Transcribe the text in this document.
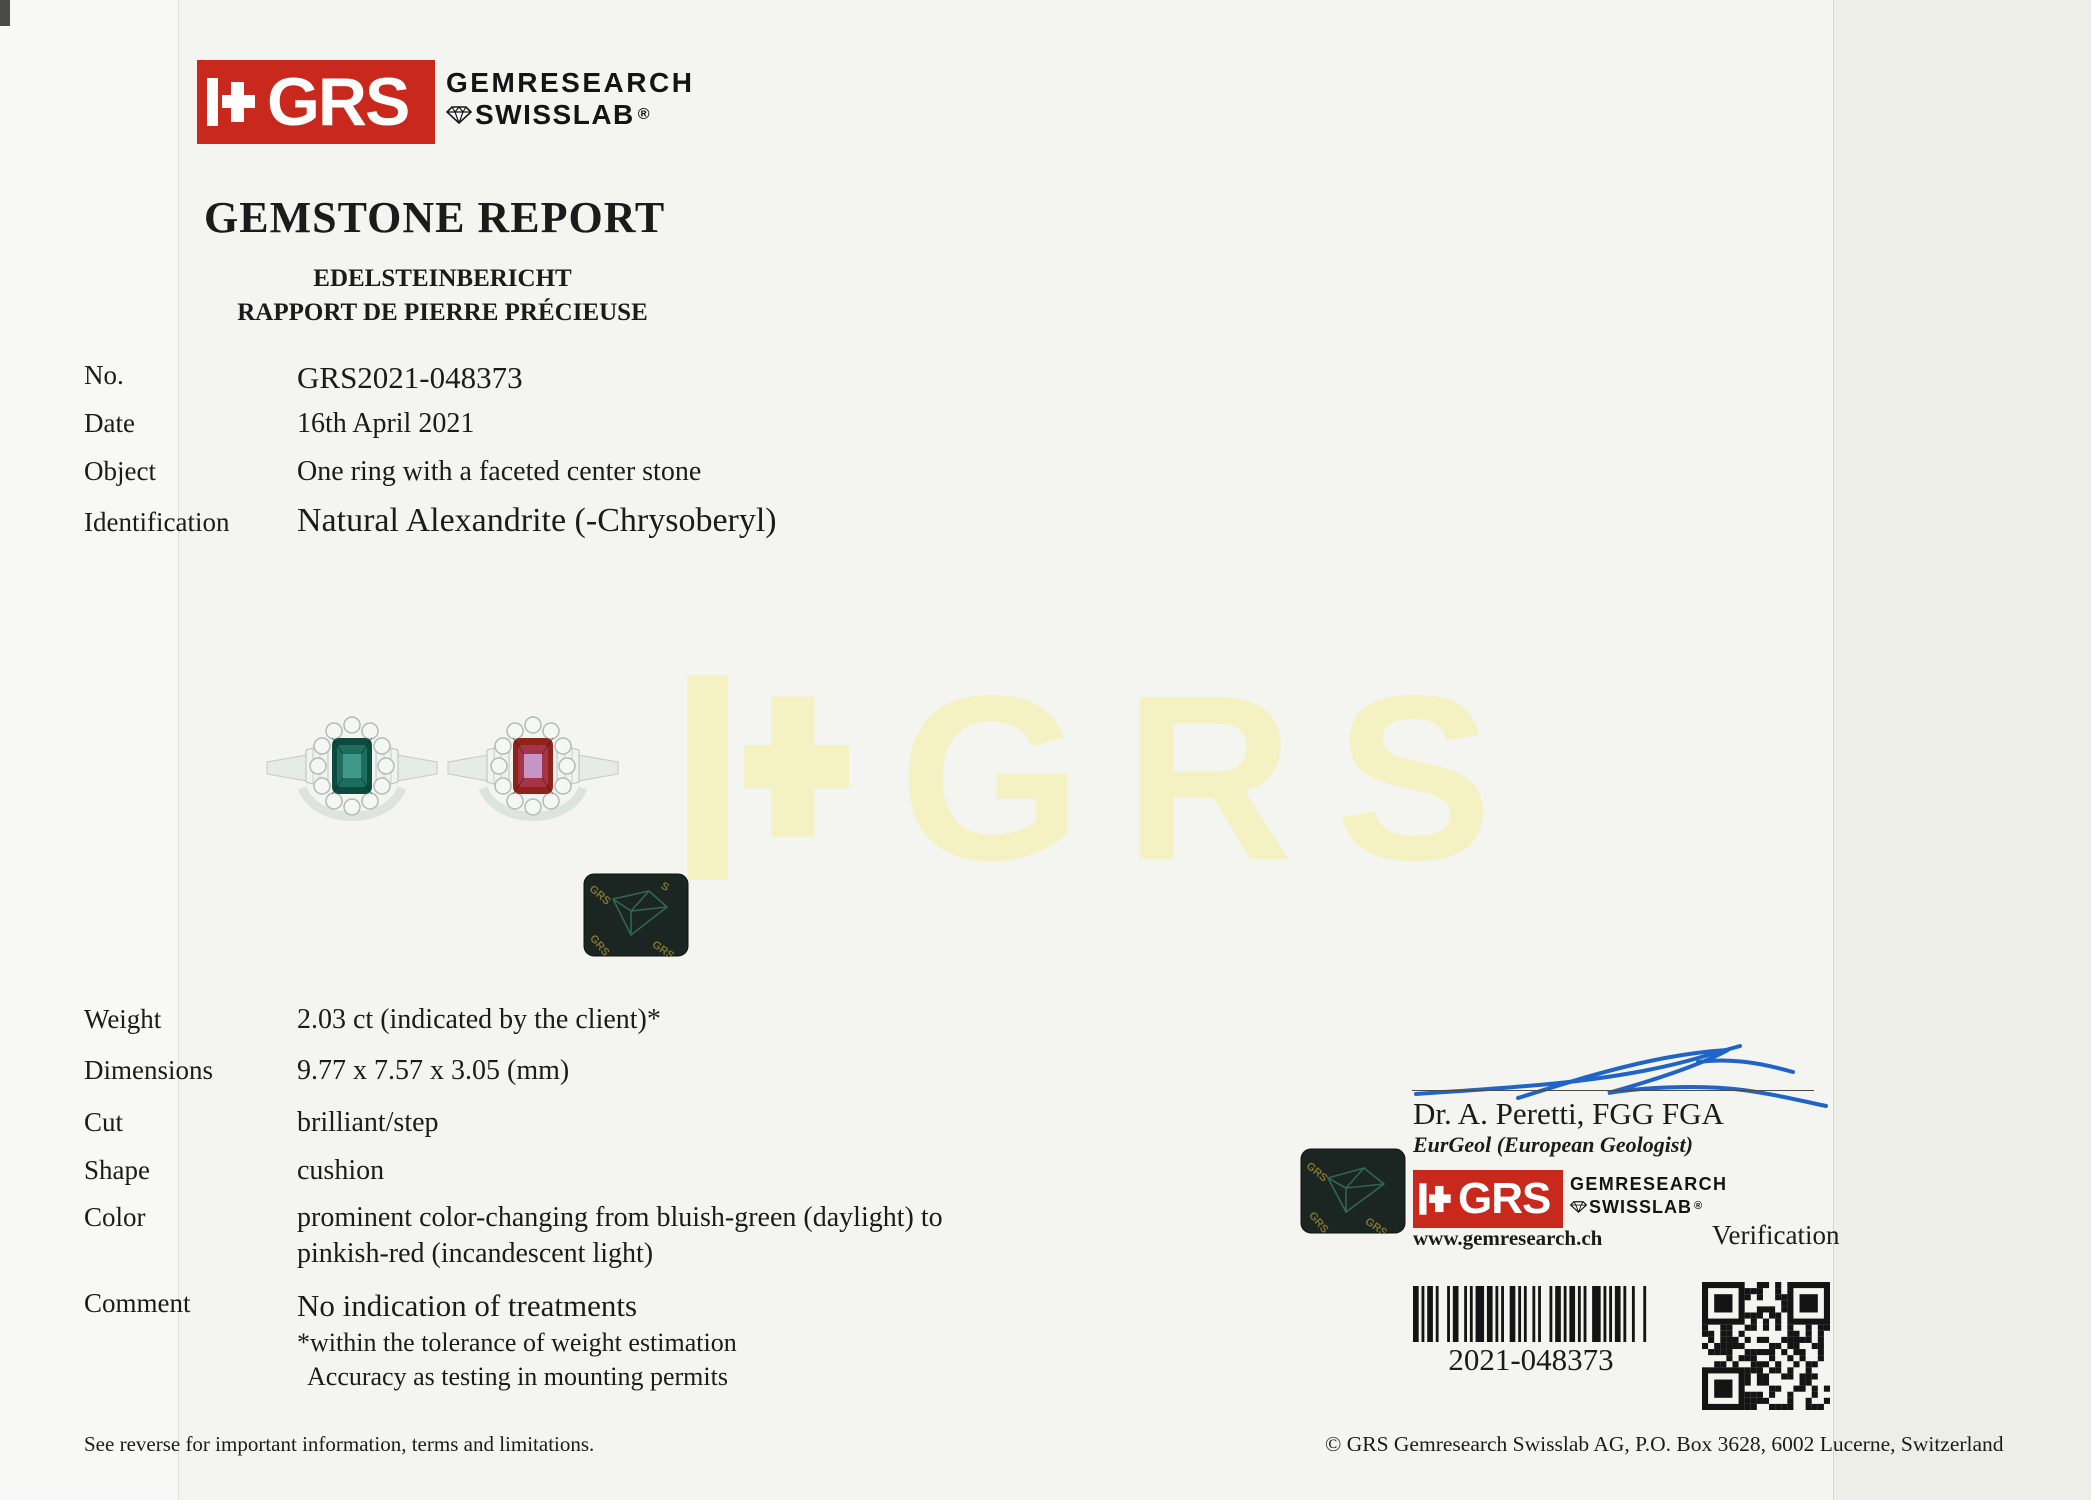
GRS
GRS GEMRESEARCH
SWISSLAB ®
GEMSTONE REPORT
EDELSTEINBERICHT
RAPPORT DE PIERRE PRÉCIEUSE
No.	GRS2021-048373
Date	16th April 2021
Object	One ring with a faceted center stone
Identification	Natural Alexandrite (-Chrysoberyl)
GRS
GRS
GRS
S
Weight	2.03 ct (indicated by the client)*
Dimensions	9.77 x 7.57 x 3.05 (mm)
Cut	brilliant/step
Shape	cushion
Color	prominent color-changing from bluish-green (daylight) to
pinkish-red (incandescent light)
Comment	No indication of treatments
*within the tolerance of weight estimation
Accuracy as testing in mounting permits
Dr. A. Peretti, FGG FGA
EurGeol (European Geologist)
GRS
GRS
GRS	GRS GEMRESEARCH
SWISSLAB ®
www.gemresearch.ch	Verification
2021-048373
See reverse for important information, terms and limitations.	© GRS Gemresearch Swisslab AG, P.O. Box 3628, 6002 Lucerne, Switzerland
